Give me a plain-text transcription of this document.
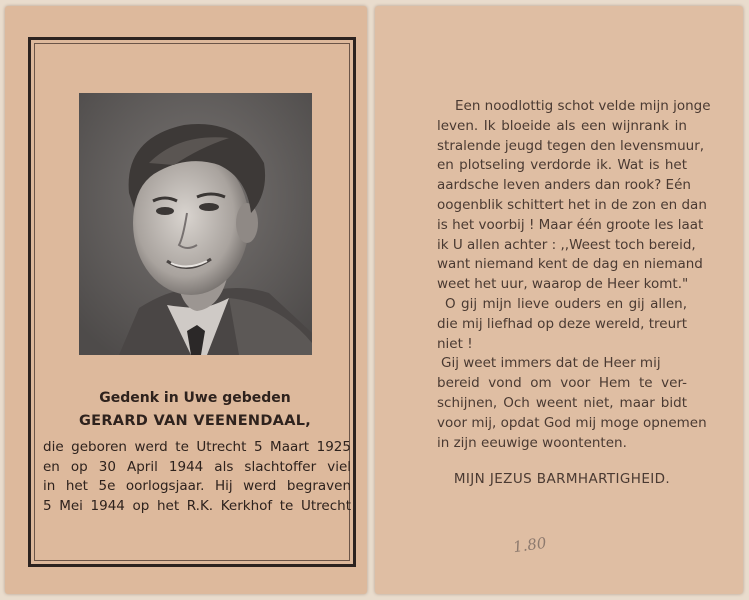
Gedenk in Uwe gebeden
GERARD VAN VEENENDAAL,
die geboren werd te Utrecht 5 Maart 1925
en op 30 April 1944 als slachtoffer viel
in het 5e oorlogsjaar. Hij werd begraven
5 Mei 1944 op het R.K. Kerkhof te Utrecht
Een noodlottig schot velde mijn jonge
leven. Ik bloeide als een wijnrank in
stralende jeugd tegen den levensmuur,
en plotseling verdorde ik. Wat is het
aardsche leven anders dan rook? Eén
oogenblik schittert het in de zon en dan
is het voorbij ! Maar één groote les laat
ik U allen achter : ,,Weest toch bereid,
want niemand kent de dag en niemand
weet het uur, waarop de Heer komt."
O gij mijn lieve ouders en gij allen,
die mij liefhad op deze wereld, treurt
niet !
Gij weet immers dat de Heer mij
bereid vond om voor Hem te ver-
schijnen, Och weent niet, maar bidt
voor mij, opdat God mij moge opnemen
in zijn eeuwige woontenten.
MIJN JEZUS BARMHARTIGHEID.
1.80
